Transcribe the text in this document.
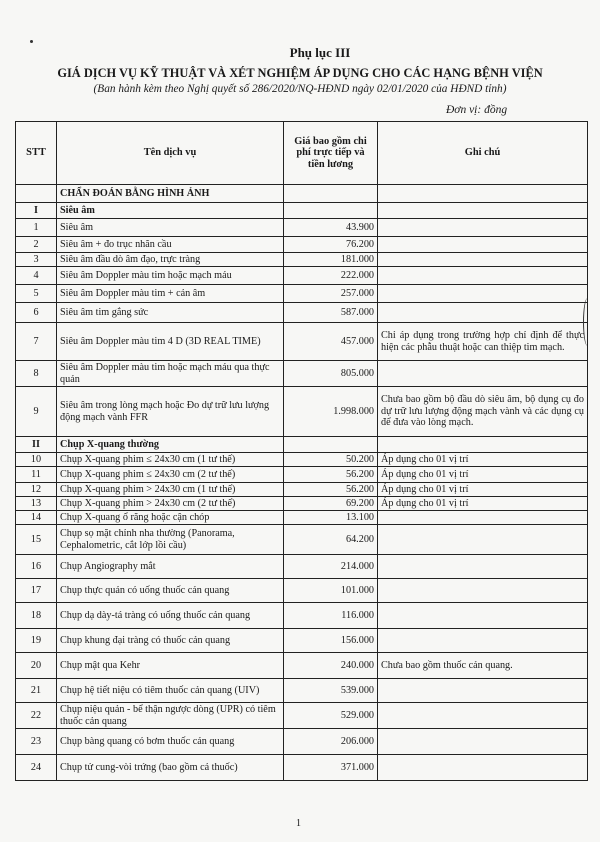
Phụ lục III
GIÁ DỊCH VỤ KỸ THUẬT VÀ XÉT NGHIỆM ÁP DỤNG CHO CÁC HẠNG BỆNH VIỆN
(Ban hành kèm theo Nghị quyết số 286/2020/NQ-HĐND ngày 02/01/2020 của HĐND tỉnh)
Đơn vị: đồng
STT	Tên dịch vụ	Giá bao gồm chi phí trực tiếp và tiền lương	Ghi chú
	CHẨN ĐOÁN BẰNG HÌNH ẢNH		
I	Siêu âm		
1	Siêu âm	43.900	
2	Siêu âm + đo trục nhãn cầu	76.200	
3	Siêu âm đầu dò âm đạo, trực tràng	181.000	
4	Siêu âm Doppler màu tim hoặc mạch máu	222.000	
5	Siêu âm Doppler màu tim + cản âm	257.000	
6	Siêu âm tim gắng sức	587.000	
7	Siêu âm Doppler màu tim 4 D (3D REAL TIME)	457.000	Chỉ áp dụng trong trường hợp chỉ định để thực hiện các phẫu thuật hoặc can thiệp tim mạch.
8	Siêu âm Doppler màu tim hoặc mạch máu qua thực quản	805.000	
9	Siêu âm trong lòng mạch hoặc Đo dự trữ lưu lượng động mạch vành FFR	1.998.000	Chưa bao gồm bộ đầu dò siêu âm, bộ dụng cụ đo dự trữ lưu lượng động mạch vành và các dụng cụ để đưa vào lòng mạch.
II	Chụp X-quang thường		
10	Chụp X-quang phim ≤ 24x30 cm (1 tư thế)	50.200	Áp dụng cho 01 vị trí
11	Chụp X-quang phim ≤ 24x30 cm (2 tư thế)	56.200	Áp dụng cho 01 vị trí
12	Chụp X-quang phim > 24x30 cm (1 tư thế)	56.200	Áp dụng cho 01 vị trí
13	Chụp X-quang phim > 24x30 cm (2 tư thế)	69.200	Áp dụng cho 01 vị trí
14	Chụp X-quang ổ răng hoặc cận chóp	13.100	
15	Chụp sọ mặt chỉnh nha thường (Panorama, Cephalometric, cắt lớp lồi cầu)	64.200	
16	Chụp Angiography mắt	214.000	
17	Chụp thực quản có uống thuốc cản quang	101.000	
18	Chụp dạ dày-tá tràng có uống thuốc cản quang	116.000	
19	Chụp khung đại tràng có thuốc cản quang	156.000	
20	Chụp mật qua Kehr	240.000	Chưa bao gồm thuốc cản quang.
21	Chụp hệ tiết niệu có tiêm thuốc cản quang (UIV)	539.000	
22	Chụp niệu quản - bể thận ngược dòng (UPR) có tiêm thuốc cản quang	529.000	
23	Chụp bàng quang có bơm thuốc cản quang	206.000	
24	Chụp tử cung-vòi trứng (bao gồm cả thuốc)	371.000	
1
